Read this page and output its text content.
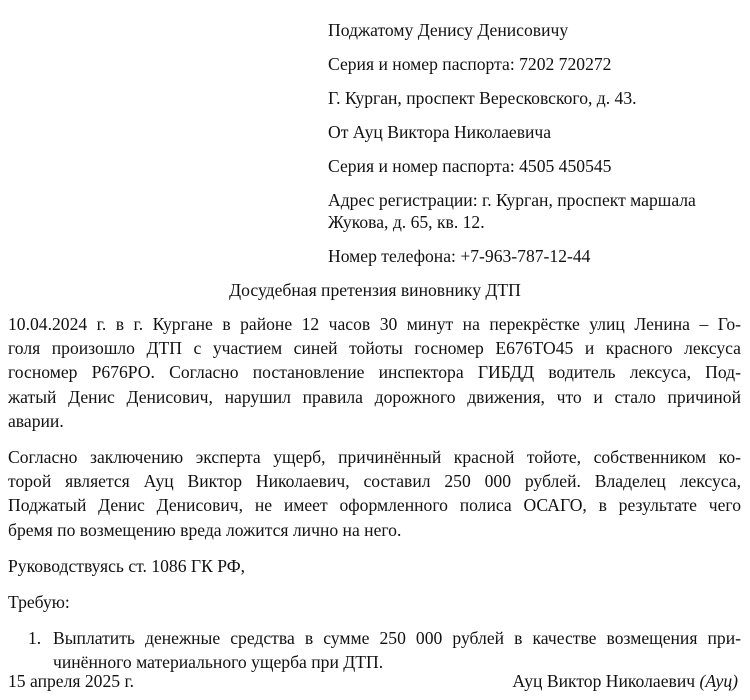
Поджатому Денису Денисовичу
Серия и номер паспорта: 7202 720272
Г. Курган, проспект Вересковского, д. 43.
От Ауц Виктора Николаевича
Серия и номер паспорта: 4505 450545
Адрес регистрации: г. Курган, проспект маршала
Жукова, д. 65, кв. 12.
Номер телефона: +7-963-787-12-44
Досудебная претензия виновнику ДТП
10.04.2024 г. в г. Кургане в районе 12 часов 30 минут на перекрёстке улиц Ленина – Го-
голя произошло ДТП с участием синей тойоты госномер Е676ТО45 и красного лексуса
госномер Р676РО. Согласно постановление инспектора ГИБДД водитель лексуса, Под-
жатый Денис Денисович, нарушил правила дорожного движения, что и стало причиной
аварии.
Согласно заключению эксперта ущерб, причинённый красной тойоте, собственником ко-
торой является Ауц Виктор Николаевич, составил 250 000 рублей. Владелец лексуса,
Поджатый Денис Денисович, не имеет оформленного полиса ОСАГО, в результате чего
бремя по возмещению вреда ложится лично на него.
Руководствуясь ст. 1086 ГК РФ,
Требую:
1. Выплатить денежные средства в сумме 250 000 рублей в качестве возмещения при-
чинённого материального ущерба при ДТП.
15 апреля 2025 г.	Ауц Виктор Николаевич (Ауц)
